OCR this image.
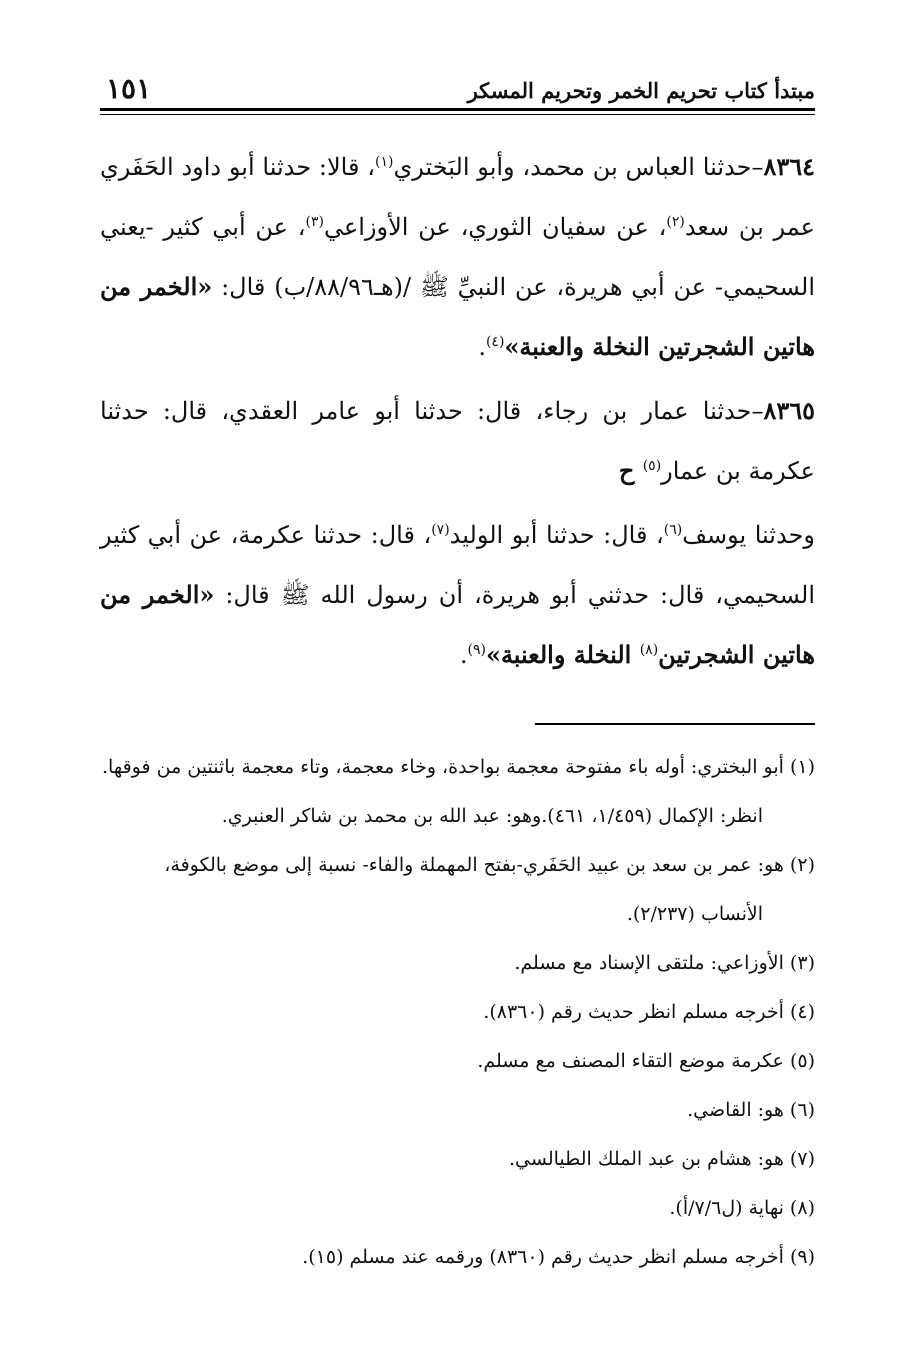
مبتدأ كتاب تحريم الخمر وتحريم المسكر
١٥١

٨٣٦٤–حدثنا العباس بن محمد، وأبو البَختري$^{(١)}$، قالا: حدثنا أبو داود الحَفَري عمر بن سعد$^{(٢)}$، عن سفيان الثوري، عن الأوزاعي$^{(٣)}$، عن أبي كثير -يعني السحيمي- عن أبي هريرة، عن النبيِّ ﷺ /(هـ٨٨/٩٦/ب) قال: «الخمر من هاتين الشجرتين النخلة والعنبة»$^{(٤)}$.

٨٣٦٥–حدثنا عمار بن رجاء، قال: حدثنا أبو عامر العقدي، قال: حدثنا عكرمة بن عمار$^{(٥)}$ ح

وحدثنا يوسف$^{(٦)}$، قال: حدثنا أبو الوليد$^{(٧)}$، قال: حدثنا عكرمة، عن أبي كثير السحيمي، قال: حدثني أبو هريرة، أن رسول الله ﷺ قال: «الخمر من هاتين الشجرتين$^{(٨)}$ النخلة والعنبة»$^{(٩)}$.

(١) أبو البختري: أوله باء مفتوحة معجمة بواحدة، وخاء معجمة، وتاء معجمة باثنتين من فوقها.

انظر: الإكمال (١/٤٥٩، ٤٦١).وهو: عبد الله بن محمد بن شاكر العنبري.

(٢) هو: عمر بن سعد بن عبيد الحَفَري-بفتح المهملة والفاء- نسبة إلى موضع بالكوفة،

الأنساب (٢/٢٣٧).

(٣) الأوزاعي: ملتقى الإسناد مع مسلم.

(٤) أخرجه مسلم انظر حديث رقم (٨٣٦٠).

(٥) عكرمة موضع التقاء المصنف مع مسلم.

(٦) هو: القاضي.

(٧) هو: هشام بن عبد الملك الطيالسي.

(٨) نهاية (ل٧/٦/أ).

(٩) أخرجه مسلم انظر حديث رقم (٨٣٦٠) ورقمه عند مسلم (١٥).
